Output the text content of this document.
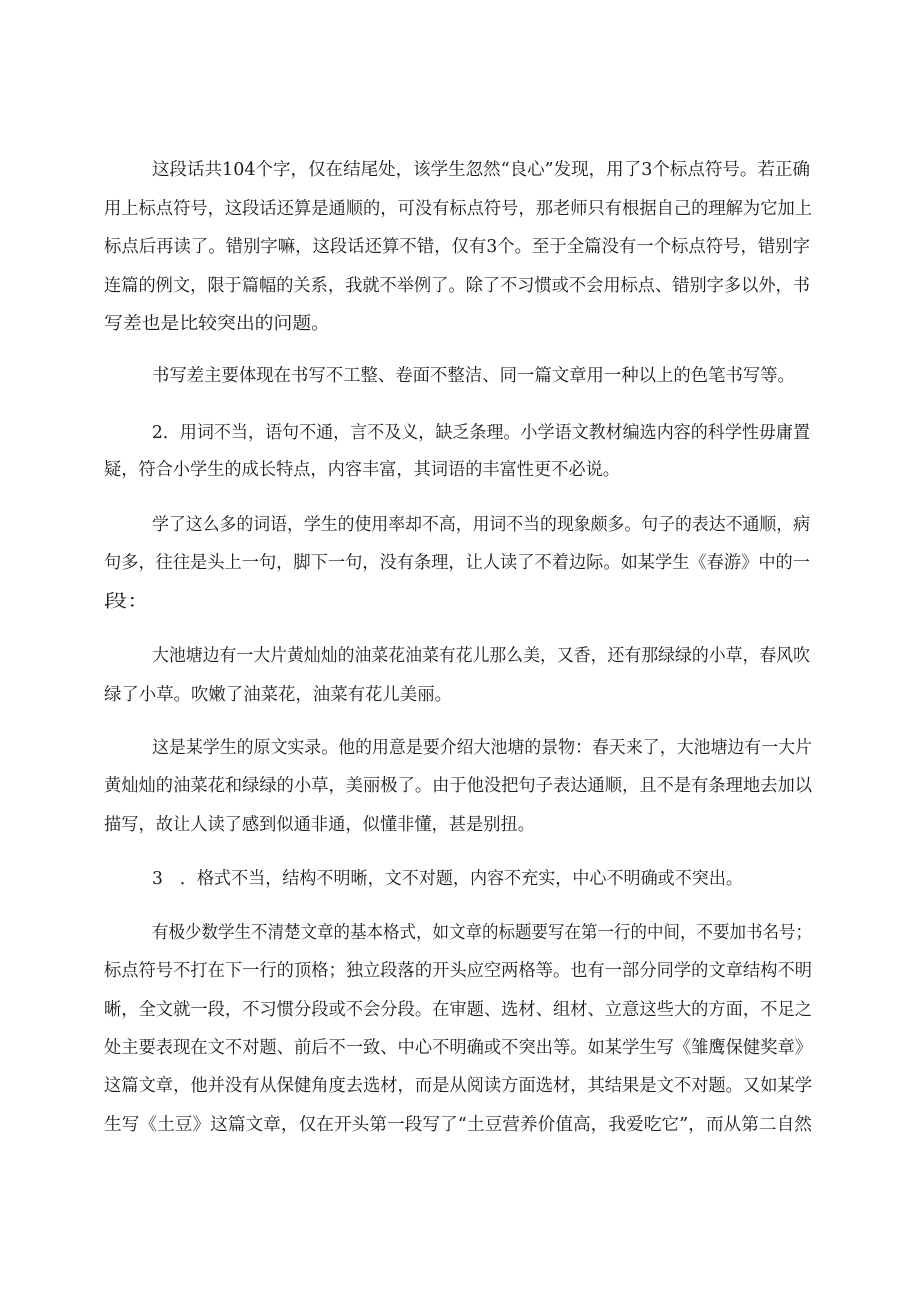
这段话共104个字，仅在结尾处，该学生忽然“良心”发现，用了3个标点符号。若正确
用上标点符号，这段话还算是通顺的，可没有标点符号，那老师只有根据自己的理解为它加上
标点后再读了。错别字嘛，这段话还算不错，仅有3个。至于全篇没有一个标点符号，错别字
连篇的例文，限于篇幅的关系，我就不举例了。除了不习惯或不会用标点、错别字多以外，书
写差也是比较突出的问题。
书写差主要体现在书写不工整、卷面不整洁、同一篇文章用一种以上的色笔书写等。
2．用词不当，语句不通，言不及义，缺乏条理。小学语文教材编选内容的科学性毋庸置
疑，符合小学生的成长特点，内容丰富，其词语的丰富性更不必说。
学了这么多的词语，学生的使用率却不高，用词不当的现象颇多。句子的表达不通顺，病
句多，往往是头上一句，脚下一句，没有条理，让人读了不着边际。如某学生《春游》中的一
段：
大池塘边有一大片黄灿灿的油菜花油菜有花儿那么美，又香，还有那绿绿的小草，春风吹
绿了小草。吹嫩了油菜花，油菜有花儿美丽。
这是某学生的原文实录。他的用意是要介绍大池塘的景物：春天来了，大池塘边有一大片
黄灿灿的油菜花和绿绿的小草，美丽极了。由于他没把句子表达通顺，且不是有条理地去加以
描写，故让人读了感到似通非通，似懂非懂，甚是别扭。
3　．格式不当，结构不明晰，文不对题，内容不充实，中心不明确或不突出。
有极少数学生不清楚文章的基本格式，如文章的标题要写在第一行的中间，不要加书名号；
标点符号不打在下一行的顶格；独立段落的开头应空两格等。也有一部分同学的文章结构不明
晰，全文就一段，不习惯分段或不会分段。在审题、选材、组材、立意这些大的方面，不足之
处主要表现在文不对题、前后不一致、中心不明确或不突出等。如某学生写《雏鹰保健奖章》
这篇文章，他并没有从保健角度去选材，而是从阅读方面选材，其结果是文不对题。又如某学
生写《土豆》这篇文章，仅在开头第一段写了“土豆营养价值高，我爱吃它”，而从第二自然
